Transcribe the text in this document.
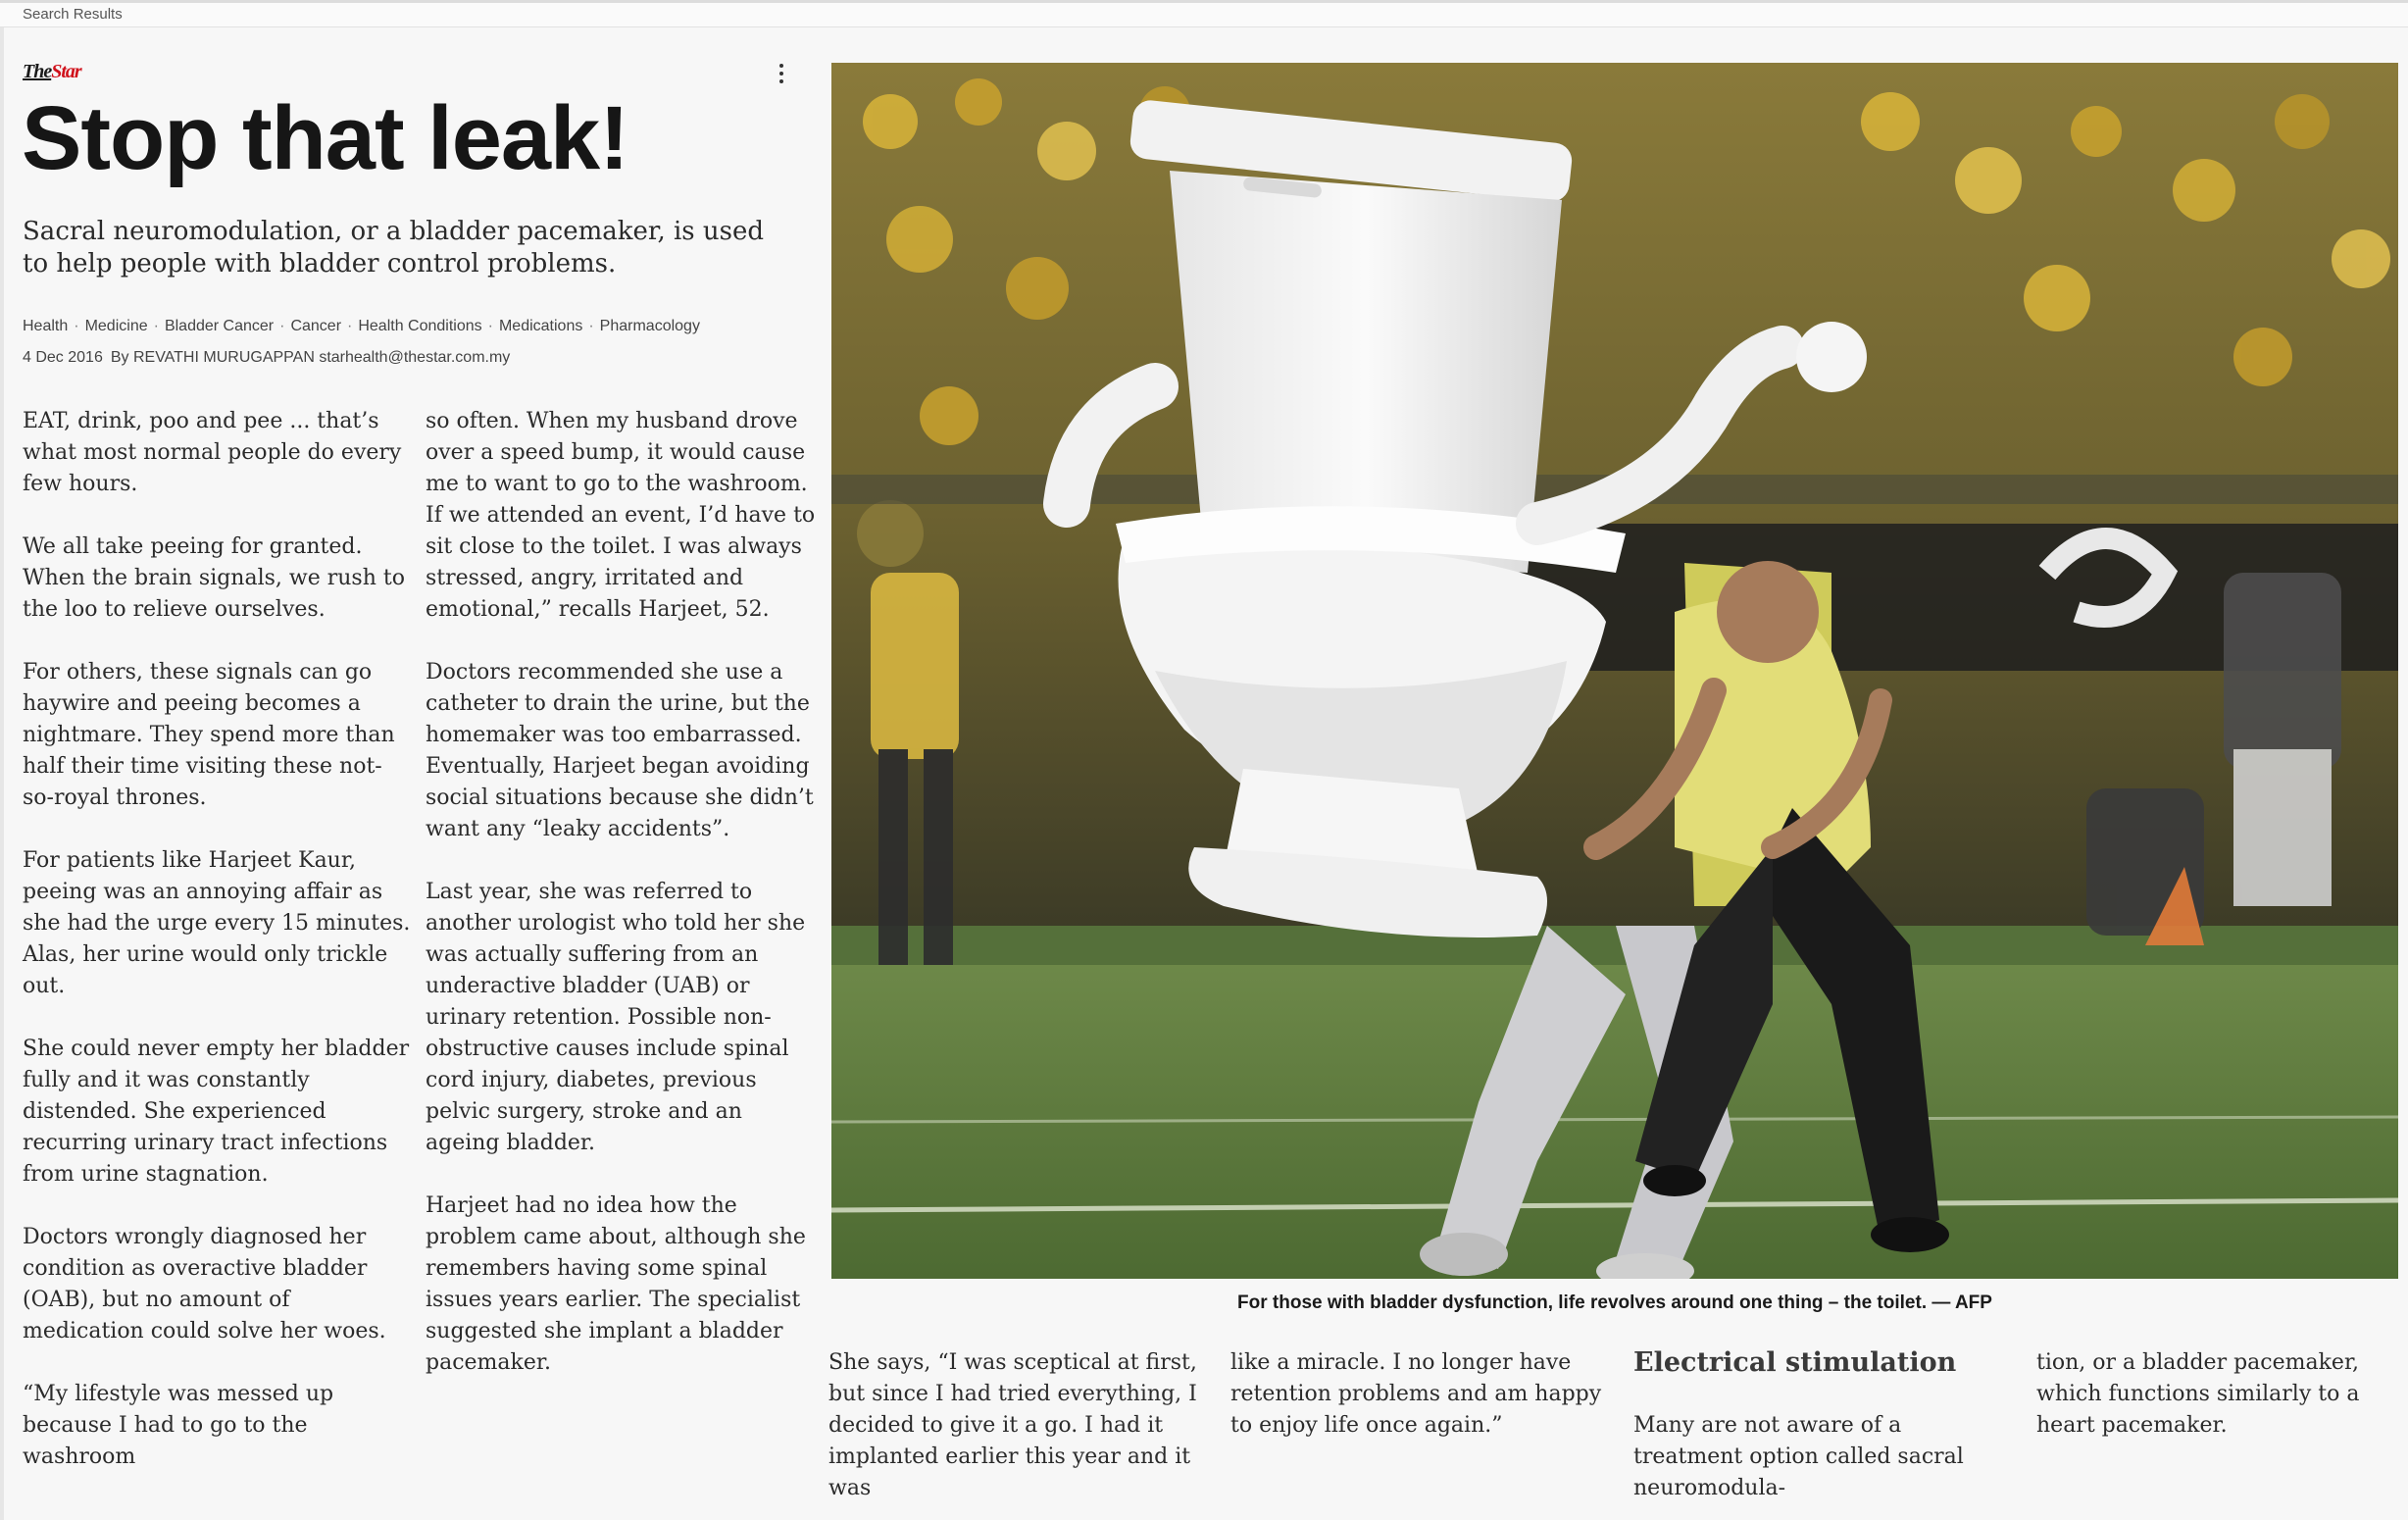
Search Results
TheStar
Stop that leak!
Sacral neuromodulation, or a bladder pacemaker, is used to help people with bladder control problems.
Health · Medicine · Bladder Cancer · Cancer · Health Conditions · Medications · Pharmacology
4 Dec 2016 By REVATHI MURUGAPPAN starhealth@thestar.com.my

EAT, drink, poo and pee ... that’s what most normal people do every few hours.

We all take peeing for granted. When the brain signals, we rush to the loo to relieve ourselves.

For others, these signals can go haywire and peeing becomes a nightmare. They spend more than half their time visiting these not-so-royal thrones.

For patients like Harjeet Kaur, peeing was an annoying affair as she had the urge every 15 minutes. Alas, her urine would only trickle out.

She could never empty her bladder fully and it was constantly distended. She experienced recurring urinary tract infections from urine stagnation.

Doctors wrongly diagnosed her condition as overactive bladder (OAB), but no amount of medication could solve her woes.

“My lifestyle was messed up because I had to go to the washroom

so often. When my husband drove over a speed bump, it would cause me to want to go to the washroom. If we attended an event, I’d have to sit close to the toilet. I was always stressed, angry, irritated and emotional,” recalls Harjeet, 52.

Doctors recommended she use a catheter to drain the urine, but the homemaker was too embarrassed. Eventually, Harjeet began avoiding social situations because she didn’t want any “leaky accidents”.

Last year, she was referred to another urologist who told her she was actually suffering from an underactive bladder (UAB) or urinary retention. Possible non-obstructive causes include spinal cord injury, diabetes, previous pelvic surgery, stroke and an ageing bladder.

Harjeet had no idea how the problem came about, although she remembers having some spinal issues years earlier. The specialist suggested she implant a bladder pacemaker.

For those with bladder dysfunction, life revolves around one thing – the toilet. — AFP

She says, “I was sceptical at first, but since I had tried everything, I decided to give it a go. I had it implanted earlier this year and it was

like a miracle. I no longer have retention problems and am happy to enjoy life once again.”

Electrical stimulation

Many are not aware of a treatment option called sacral neuromodula-

tion, or a bladder pacemaker, which functions similarly to a heart pacemaker.
